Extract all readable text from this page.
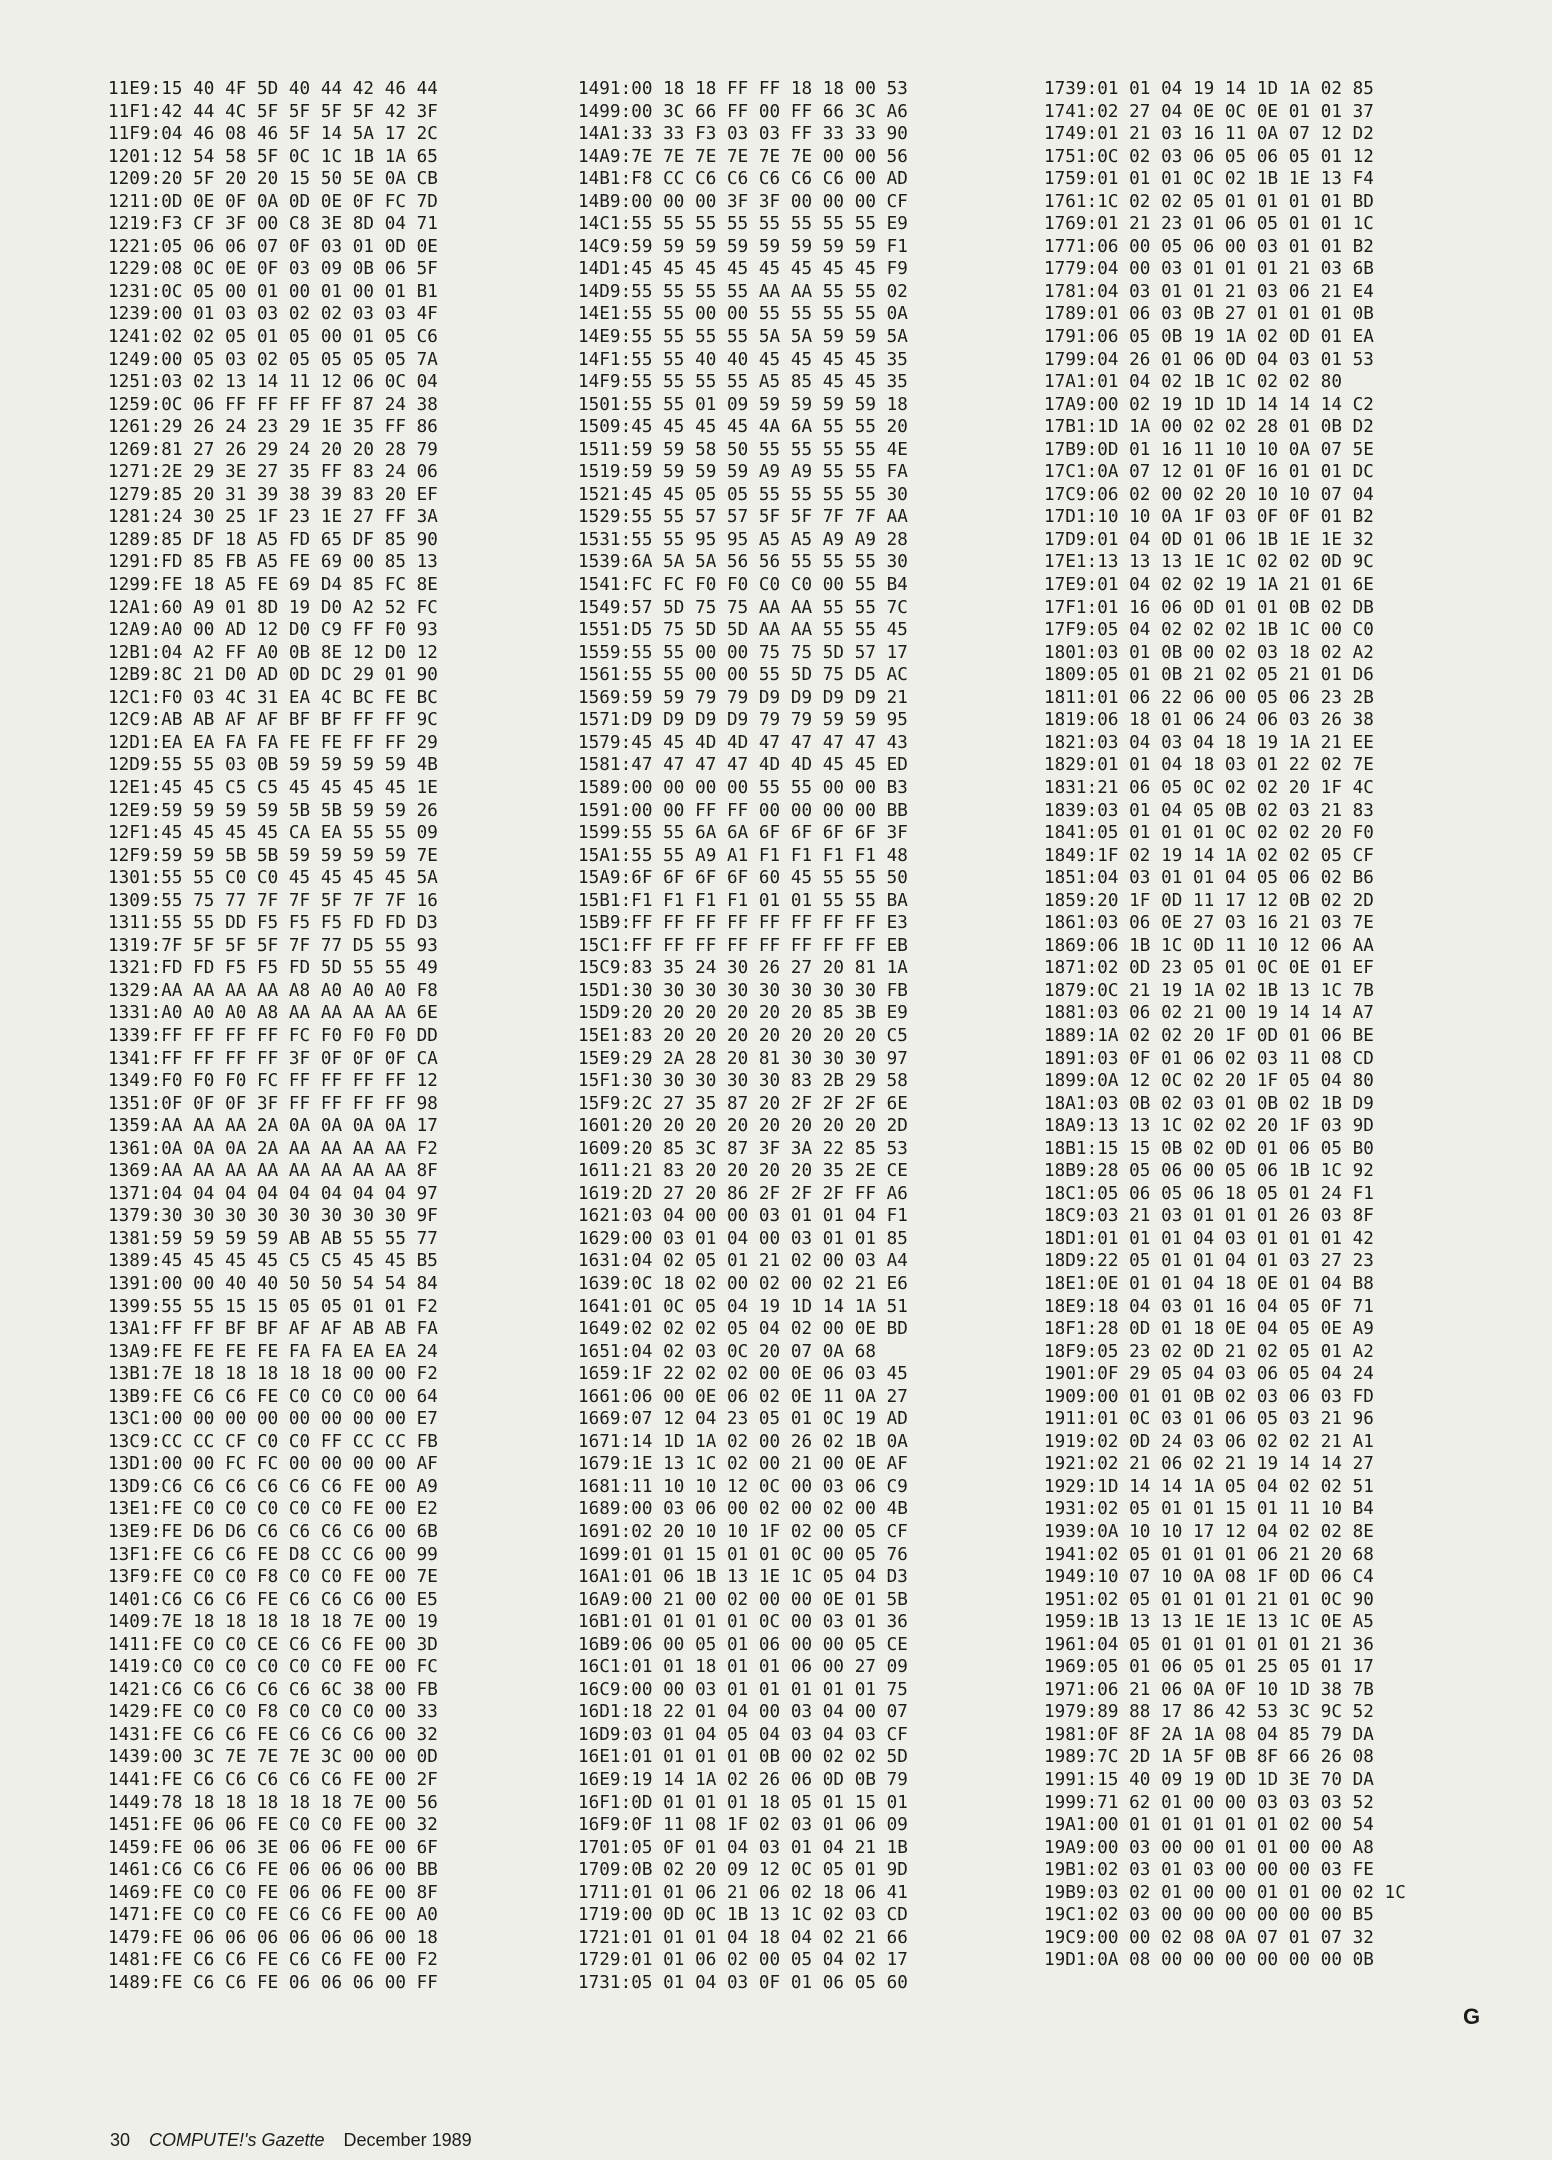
11E9:15 40 4F 5D 40 44 42 46 44
11F1:42 44 4C 5F 5F 5F 5F 42 3F
11F9:04 46 08 46 5F 14 5A 17 2C
1201:12 54 58 5F 0C 1C 1B 1A 65
1209:20 5F 20 20 15 50 5E 0A CB
1211:0D 0E 0F 0A 0D 0E 0F FC 7D
1219:F3 CF 3F 00 C8 3E 8D 04 71
1221:05 06 06 07 0F 03 01 0D 0E
1229:08 0C 0E 0F 03 09 0B 06 5F
1231:0C 05 00 01 00 01 00 01 B1
1239:00 01 03 03 02 02 03 03 4F
1241:02 02 05 01 05 00 01 05 C6
1249:00 05 03 02 05 05 05 05 7A
1251:03 02 13 14 11 12 06 0C 04
1259:0C 06 FF FF FF FF 87 24 38
1261:29 26 24 23 29 1E 35 FF 86
1269:81 27 26 29 24 20 20 28 79
1271:2E 29 3E 27 35 FF 83 24 06
1279:85 20 31 39 38 39 83 20 EF
1281:24 30 25 1F 23 1E 27 FF 3A
1289:85 DF 18 A5 FD 65 DF 85 90
1291:FD 85 FB A5 FE 69 00 85 13
1299:FE 18 A5 FE 69 D4 85 FC 8E
12A1:60 A9 01 8D 19 D0 A2 52 FC
12A9:A0 00 AD 12 D0 C9 FF F0 93
12B1:04 A2 FF A0 0B 8E 12 D0 12
12B9:8C 21 D0 AD 0D DC 29 01 90
12C1:F0 03 4C 31 EA 4C BC FE BC
12C9:AB AB AF AF BF BF FF FF 9C
12D1:EA EA FA FA FE FE FF FF 29
12D9:55 55 03 0B 59 59 59 59 4B
12E1:45 45 C5 C5 45 45 45 45 1E
12E9:59 59 59 59 5B 5B 59 59 26
12F1:45 45 45 45 CA EA 55 55 09
12F9:59 59 5B 5B 59 59 59 59 7E
1301:55 55 C0 C0 45 45 45 45 5A
1309:55 75 77 7F 7F 5F 7F 7F 16
1311:55 55 DD F5 F5 F5 FD FD D3
1319:7F 5F 5F 5F 7F 77 D5 55 93
1321:FD FD F5 F5 FD 5D 55 55 49
1329:AA AA AA AA A8 A0 A0 A0 F8
1331:A0 A0 A0 A8 AA AA AA AA 6E
1339:FF FF FF FF FC F0 F0 F0 DD
1341:FF FF FF FF 3F 0F 0F 0F CA
1349:F0 F0 F0 FC FF FF FF FF 12
1351:0F 0F 0F 3F FF FF FF FF 98
1359:AA AA AA 2A 0A 0A 0A 0A 17
1361:0A 0A 0A 2A AA AA AA AA F2
1369:AA AA AA AA AA AA AA AA 8F
1371:04 04 04 04 04 04 04 04 97
1379:30 30 30 30 30 30 30 30 9F
1381:59 59 59 59 AB AB 55 55 77
1389:45 45 45 45 C5 C5 45 45 B5
1391:00 00 40 40 50 50 54 54 84
1399:55 55 15 15 05 05 01 01 F2
13A1:FF FF BF BF AF AF AB AB FA
13A9:FE FE FE FE FA FA EA EA 24
13B1:7E 18 18 18 18 18 00 00 F2
13B9:FE C6 C6 FE C0 C0 C0 00 64
13C1:00 00 00 00 00 00 00 00 E7
13C9:CC CC CF C0 C0 FF CC CC FB
13D1:00 00 FC FC 00 00 00 00 AF
13D9:C6 C6 C6 C6 C6 C6 FE 00 A9
13E1:FE C0 C0 C0 C0 C0 FE 00 E2
13E9:FE D6 D6 C6 C6 C6 C6 00 6B
13F1:FE C6 C6 FE D8 CC C6 00 99
13F9:FE C0 C0 F8 C0 C0 FE 00 7E
1401:C6 C6 C6 FE C6 C6 C6 00 E5
1409:7E 18 18 18 18 18 7E 00 19
1411:FE C0 C0 CE C6 C6 FE 00 3D
1419:C0 C0 C0 C0 C0 C0 FE 00 FC
1421:C6 C6 C6 C6 C6 6C 38 00 FB
1429:FE C0 C0 F8 C0 C0 C0 00 33
1431:FE C6 C6 FE C6 C6 C6 00 32
1439:00 3C 7E 7E 7E 3C 00 00 0D
1441:FE C6 C6 C6 C6 C6 FE 00 2F
1449:78 18 18 18 18 18 7E 00 56
1451:FE 06 06 FE C0 C0 FE 00 32
1459:FE 06 06 3E 06 06 FE 00 6F
1461:C6 C6 C6 FE 06 06 06 00 BB
1469:FE C0 C0 FE 06 06 FE 00 8F
1471:FE C0 C0 FE C6 C6 FE 00 A0
1479:FE 06 06 06 06 06 06 00 18
1481:FE C6 C6 FE C6 C6 FE 00 F2
1489:FE C6 C6 FE 06 06 06 00 FF
1491:00 18 18 FF FF 18 18 00 53
1499:00 3C 66 FF 00 FF 66 3C A6
14A1:33 33 F3 03 03 FF 33 33 90
14A9:7E 7E 7E 7E 7E 7E 00 00 56
14B1:F8 CC C6 C6 C6 C6 C6 00 AD
14B9:00 00 00 3F 3F 00 00 00 CF
14C1:55 55 55 55 55 55 55 55 E9
14C9:59 59 59 59 59 59 59 59 F1
14D1:45 45 45 45 45 45 45 45 F9
14D9:55 55 55 55 AA AA 55 55 02
14E1:55 55 00 00 55 55 55 55 0A
14E9:55 55 55 55 5A 5A 59 59 5A
14F1:55 55 40 40 45 45 45 45 35
14F9:55 55 55 55 A5 85 45 45 35
1501:55 55 01 09 59 59 59 59 18
1509:45 45 45 45 4A 6A 55 55 20
1511:59 59 58 50 55 55 55 55 4E
1519:59 59 59 59 A9 A9 55 55 FA
1521:45 45 05 05 55 55 55 55 30
1529:55 55 57 57 5F 5F 7F 7F AA
1531:55 55 95 95 A5 A5 A9 A9 28
1539:6A 5A 5A 56 56 55 55 55 30
1541:FC FC F0 F0 C0 C0 00 55 B4
1549:57 5D 75 75 AA AA 55 55 7C
1551:D5 75 5D 5D AA AA 55 55 45
1559:55 55 00 00 75 75 5D 57 17
1561:55 55 00 00 55 5D 75 D5 AC
1569:59 59 79 79 D9 D9 D9 D9 21
1571:D9 D9 D9 D9 79 79 59 59 95
1579:45 45 4D 4D 47 47 47 47 43
1581:47 47 47 47 4D 4D 45 45 ED
1589:00 00 00 00 55 55 00 00 B3
1591:00 00 FF FF 00 00 00 00 BB
1599:55 55 6A 6A 6F 6F 6F 6F 3F
15A1:55 55 A9 A1 F1 F1 F1 F1 48
15A9:6F 6F 6F 6F 60 45 55 55 50
15B1:F1 F1 F1 F1 01 01 55 55 BA
15B9:FF FF FF FF FF FF FF FF E3
15C1:FF FF FF FF FF FF FF FF EB
15C9:83 35 24 30 26 27 20 81 1A
15D1:30 30 30 30 30 30 30 30 FB
15D9:20 20 20 20 20 20 85 3B E9
15E1:83 20 20 20 20 20 20 20 C5
15E9:29 2A 28 20 81 30 30 30 97
15F1:30 30 30 30 30 83 2B 29 58
15F9:2C 27 35 87 20 2F 2F 2F 6E
1601:20 20 20 20 20 20 20 20 2D
1609:20 85 3C 87 3F 3A 22 85 53
1611:21 83 20 20 20 20 35 2E CE
1619:2D 27 20 86 2F 2F 2F FF A6
1621:03 04 00 00 03 01 01 04 F1
1629:00 03 01 04 00 03 01 01 85
1631:04 02 05 01 21 02 00 03 A4
1639:0C 18 02 00 02 00 02 21 E6
1641:01 0C 05 04 19 1D 14 1A 51
1649:02 02 02 05 04 02 00 0E BD
1651:04 02 03 0C 20 07 0A 68
1659:1F 22 02 02 00 0E 06 03 45
1661:06 00 0E 06 02 0E 11 0A 27
1669:07 12 04 23 05 01 0C 19 AD
1671:14 1D 1A 02 00 26 02 1B 0A
1679:1E 13 1C 02 00 21 00 0E AF
1681:11 10 10 12 0C 00 03 06 C9
1689:00 03 06 00 02 00 02 00 4B
1691:02 20 10 10 1F 02 00 05 CF
1699:01 01 15 01 01 0C 00 05 76
16A1:01 06 1B 13 1E 1C 05 04 D3
16A9:00 21 00 02 00 00 0E 01 5B
16B1:01 01 01 01 0C 00 03 01 36
16B9:06 00 05 01 06 00 00 05 CE
16C1:01 01 18 01 01 06 00 27 09
16C9:00 00 03 01 01 01 01 01 75
16D1:18 22 01 04 00 03 04 00 07
16D9:03 01 04 05 04 03 04 03 CF
16E1:01 01 01 01 0B 00 02 02 5D
16E9:19 14 1A 02 26 06 0D 0B 79
16F1:0D 01 01 01 18 05 01 15 01
16F9:0F 11 08 1F 02 03 01 06 09
1701:05 0F 01 04 03 01 04 21 1B
1709:0B 02 20 09 12 0C 05 01 9D
1711:01 01 06 21 06 02 18 06 41
1719:00 0D 0C 1B 13 1C 02 03 CD
1721:01 01 01 04 18 04 02 21 66
1729:01 01 06 02 00 05 04 02 17
1731:05 01 04 03 0F 01 06 05 60
1739:01 01 04 19 14 1D 1A 02 85
1741:02 27 04 0E 0C 0E 01 01 37
1749:01 21 03 16 11 0A 07 12 D2
1751:0C 02 03 06 05 06 05 01 12
1759:01 01 01 0C 02 1B 1E 13 F4
1761:1C 02 02 05 01 01 01 01 BD
1769:01 21 23 01 06 05 01 01 1C
1771:06 00 05 06 00 03 01 01 B2
1779:04 00 03 01 01 01 21 03 6B
1781:04 03 01 01 21 03 06 21 E4
1789:01 06 03 0B 27 01 01 01 0B
1791:06 05 0B 19 1A 02 0D 01 EA
1799:04 26 01 06 0D 04 03 01 53
17A1:01 04 02 1B 1C 02 02 80
17A9:00 02 19 1D 1D 14 14 14 C2
17B1:1D 1A 00 02 02 28 01 0B D2
17B9:0D 01 16 11 10 10 0A 07 5E
17C1:0A 07 12 01 0F 16 01 01 DC
17C9:06 02 00 02 20 10 10 07 04
17D1:10 10 0A 1F 03 0F 0F 01 B2
17D9:01 04 0D 01 06 1B 1E 1E 32
17E1:13 13 13 1E 1C 02 02 0D 9C
17E9:01 04 02 02 19 1A 21 01 6E
17F1:01 16 06 0D 01 01 0B 02 DB
17F9:05 04 02 02 02 1B 1C 00 C0
1801:03 01 0B 00 02 03 18 02 A2
1809:05 01 0B 21 02 05 21 01 D6
1811:01 06 22 06 00 05 06 23 2B
1819:06 18 01 06 24 06 03 26 38
1821:03 04 03 04 18 19 1A 21 EE
1829:01 01 04 18 03 01 22 02 7E
1831:21 06 05 0C 02 02 20 1F 4C
1839:03 01 04 05 0B 02 03 21 83
1841:05 01 01 01 0C 02 02 20 F0
1849:1F 02 19 14 1A 02 02 05 CF
1851:04 03 01 01 04 05 06 02 B6
1859:20 1F 0D 11 17 12 0B 02 2D
1861:03 06 0E 27 03 16 21 03 7E
1869:06 1B 1C 0D 11 10 12 06 AA
1871:02 0D 23 05 01 0C 0E 01 EF
1879:0C 21 19 1A 02 1B 13 1C 7B
1881:03 06 02 21 00 19 14 14 A7
1889:1A 02 02 20 1F 0D 01 06 BE
1891:03 0F 01 06 02 03 11 08 CD
1899:0A 12 0C 02 20 1F 05 04 80
18A1:03 0B 02 03 01 0B 02 1B D9
18A9:13 13 1C 02 02 20 1F 03 9D
18B1:15 15 0B 02 0D 01 06 05 B0
18B9:28 05 06 00 05 06 1B 1C 92
18C1:05 06 05 06 18 05 01 24 F1
18C9:03 21 03 01 01 01 26 03 8F
18D1:01 01 01 04 03 01 01 01 42
18D9:22 05 01 01 04 01 03 27 23
18E1:0E 01 01 04 18 0E 01 04 B8
18E9:18 04 03 01 16 04 05 0F 71
18F1:28 0D 01 18 0E 04 05 0E A9
18F9:05 23 02 0D 21 02 05 01 A2
1901:0F 29 05 04 03 06 05 04 24
1909:00 01 01 0B 02 03 06 03 FD
1911:01 0C 03 01 06 05 03 21 96
1919:02 0D 24 03 06 02 02 21 A1
1921:02 21 06 02 21 19 14 14 27
1929:1D 14 14 1A 05 04 02 02 51
1931:02 05 01 01 15 01 11 10 B4
1939:0A 10 10 17 12 04 02 02 8E
1941:02 05 01 01 01 06 21 20 68
1949:10 07 10 0A 08 1F 0D 06 C4
1951:02 05 01 01 01 21 01 0C 90
1959:1B 13 13 1E 1E 13 1C 0E A5
1961:04 05 01 01 01 01 01 21 36
1969:05 01 06 05 01 25 05 01 17
1971:06 21 06 0A 0F 10 1D 38 7B
1979:89 88 17 86 42 53 3C 9C 52
1981:0F 8F 2A 1A 08 04 85 79 DA
1989:7C 2D 1A 5F 0B 8F 66 26 08
1991:15 40 09 19 0D 1D 3E 70 DA
1999:71 62 01 00 00 03 03 03 52
19A1:00 01 01 01 01 01 02 00 54
19A9:00 03 00 00 01 01 00 00 A8
19B1:02 03 01 03 00 00 00 03 FE
19B9:03 02 01 00 00 01 01 00 02 1C
19C1:02 03 00 00 00 00 00 00 B5
19C9:00 00 02 08 0A 07 01 07 32
19D1:0A 08 00 00 00 00 00 00 0B
G
30 COMPUTE!'s Gazette December 1989
